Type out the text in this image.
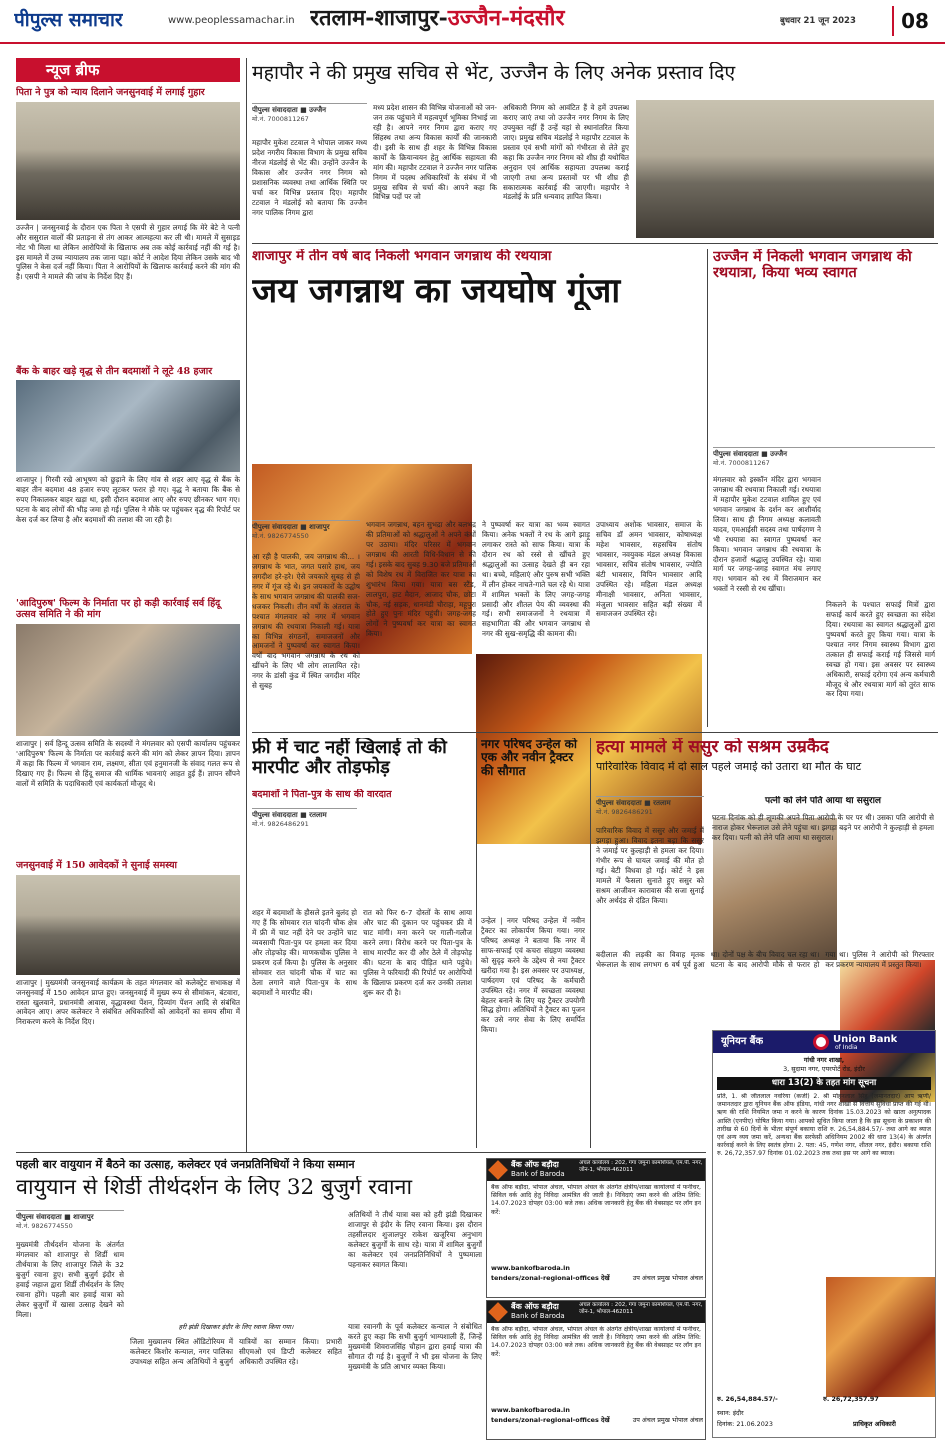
पीपुल्स समाचार	www.peoplessamachar.in रतलाम-शाजापुर-उज्जैन-मंदसौर	बुधवार 21 जून 2023	08
न्यूज ब्रीफ
पिता ने पुत्र को न्याय दिलाने जनसुनवाई में लगाई गुहार
उज्जैन | जनसुनवाई के दौरान एक पिता ने एसपी से गुहार लगाई कि मेरे बेटे ने पत्नी और ससुराल वालों की प्रताड़ना से तंग आकर आत्महत्या कर ली थी। मामले में सुसाइड नोट भी मिला था लेकिन आरोपियों के खिलाफ अब तक कोई कार्रवाई नहीं की गई है। इस मामले में उच्च न्यायालय तक जाना पड़ा। कोर्ट ने आदेश दिया लेकिन उसके बाद भी पुलिस ने केस दर्ज नहीं किया। पिता ने आरोपियों के खिलाफ कार्रवाई करने की मांग की है। एसपी ने मामले की जांच के निर्देश दिए हैं।
बैंक के बाहर खड़े वृद्ध से तीन बदमाशों ने लूटे 48 हजार
शाजापुर | गिरवी रखे आभूषण को छुड़ाने के लिए गांव से शहर आए वृद्ध से बैंक के बाहर तीन बदमाश 48 हजार रुपए लूटकर फरार हो गए। वृद्ध ने बताया कि बैंक से रुपए निकालकर बाहर खड़ा था, इसी दौरान बदमाश आए और रुपए छीनकर भाग गए। घटना के बाद लोगों की भीड़ जमा हो गई। पुलिस ने मौके पर पहुंचकर वृद्ध की रिपोर्ट पर केस दर्ज कर लिया है और बदमाशों की तलाश की जा रही है।
'आदिपुरुष' फिल्म के निर्माता पर हो कड़ी कार्रवाई सर्व हिंदू उत्सव समिति ने की मांग
शाजापुर | सर्व हिन्दू उत्सव समिति के सदस्यों ने मंगलवार को एसपी कार्यालय पहुंचकर 'आदिपुरुष' फिल्म के निर्माता पर कार्रवाई करने की मांग को लेकर ज्ञापन दिया। ज्ञापन में कहा कि फिल्म में भगवान राम, लक्ष्मण, सीता एवं हनुमानजी के संवाद गलत रूप से दिखाए गए हैं। फिल्म से हिंदू समाज की धार्मिक भावनाएं आहत हुई हैं। ज्ञापन सौंपने वालों में समिति के पदाधिकारी एवं कार्यकर्ता मौजूद थे।
जनसुनवाई में 150 आवेदकों ने सुनाई समस्या
शाजापुर | मुख्यमंत्री जनसुनवाई कार्यक्रम के तहत मंगलवार को कलेक्ट्रेट सभाकक्ष में जनसुनवाई में 150 आवेदन प्राप्त हुए। जनसुनवाई में मुख्य रूप से सीमांकन, बंटवारा, रास्ता खुलवाने, प्रधानमंत्री आवास, वृद्धावस्था पेंशन, दिव्यांग पेंशन आदि से संबंधित आवेदन आए। अपर कलेक्टर ने संबंधित अधिकारियों को आवेदनों का समय सीमा में निराकरण करने के निर्देश दिए।
महापौर ने की प्रमुख सचिव से भेंट, उज्जैन के लिए अनेक प्रस्ताव दिए
पीपुल्स संवाददाता ■ उज्जैन
मो.नं. 7000811267
महापौर मुकेश टटवाल ने भोपाल जाकर मध्य प्रदेश नगरीय विकास विभाग के प्रमुख सचिव नीरज मंडलोई से भेंट की। उन्होंने उज्जैन के विकास और उज्जैन नगर निगम को प्रशासनिक व्यवस्था तथा आर्थिक स्थिति पर चर्चा कर विभिन्न प्रस्ताव दिए। महापौर टटवाल ने मंडलोई को बताया कि उज्जैन नगर पालिक निगम द्वारा
मध्य प्रदेश शासन की विभिन्न योजनाओं को जन-जन तक पहुंचाने में महत्वपूर्ण भूमिका निभाई जा रही है। आपने नगर निगम द्वारा कराए गए सिंहस्थ तथा अन्य विकास कार्यों की जानकारी दी। इसी के साथ ही शहर के विभिन्न विकास कार्यों के क्रियान्वयन हेतु आर्थिक सहायता की मांग की। महापौर टटवाल ने उज्जैन नगर पालिक निगम में पदस्थ अधिकारियों के संबंध में भी प्रमुख सचिव से चर्चा की। आपने कहा कि विभिन्न पदों पर जो
अधिकारी निगम को आवंटित हैं वे हमें उपलब्ध कराए जाएं तथा जो उज्जैन नगर निगम के लिए उपयुक्त नहीं हैं उन्हें यहां से स्थानांतरित किया जाए। प्रमुख सचिव मंडलोई ने महापौर टटवाल के प्रस्ताव एवं सभी मांगों को गंभीरता से लेते हुए कहा कि उज्जैन नगर निगम को शीघ्र ही यथोचित अनुदान एवं आर्थिक सहायता उपलब्ध कराई जाएगी तथा अन्य प्रस्तावों पर भी शीघ्र ही सकारात्मक कार्रवाई की जाएगी। महापौर ने मंडलोई के प्रति धन्यवाद ज्ञापित किया।
शाजापुर में तीन वर्ष बाद निकली भगवान जगन्नाथ की रथयात्रा
जय जगन्नाथ का जयघोष गूंजा
पीपुल्स संवाददाता ■ शाजापुर
मो.नं. 9826774550
आ रही है पालकी, जय जगन्नाथ की... । जगन्नाथ के भात, जगत पसारे हाथ, जय जगदीश हरे-हरे। ऐसे जयकारे सुबह से ही नगर में गूंज रहे थे। इन जयकारों के उद्घोष के साथ भगवान जगन्नाथ की पालकी सज-धजकर निकली। तीन वर्षों के अंतराल के पश्चात मंगलवार को नगर में भगवान जगन्नाथ की रथयात्रा निकाली गई। यात्रा का विभिन्न संगठनों, समाजजनों और आमजनों ने पुष्पवर्षा कर स्वागत किया। वर्षों बाद भगवान जगन्नाथ के रथ को खींचने के लिए भी लोग लालायित रहे। नगर के डांसी कुंड में स्थित जगदीश मंदिर से सुबह
भगवान जगन्नाथ, बहन सुभद्रा और बलभद्र की प्रतिमाओं को श्रद्धालुओं ने अपने कंधों पर उठाया। मंदिर परिसर में भगवान जगन्नाथ की आरती विधि-विधान से की गई। इसके बाद सुबह 9.30 बजे प्रतिमाओं को विशेष रथ में विराजित कर यात्रा का शुभारंभ किया गया। यात्रा बस स्टैंड, लालपुरा, हाट मैदान, आजाद चौक, छोटा चौक, नई सड़क, धानमंडी चौराहा, महूपुरा होते हुए पुनः मंदिर पहुंची। जगह-जगह लोगों ने पुष्पवर्षा कर यात्रा का स्वागत किया।
ने पुष्पवर्षा कर यात्रा का भव्य स्वागत किया। अनेक भक्तों ने रथ के आगे झाड़ू लगाकर रास्ते को साफ किया। यात्रा के दौरान रथ को रस्से से खींचते हुए श्रद्धालुओं का उत्साह देखते ही बन रहा था। बच्चे, महिलाएं और पुरुष सभी भक्ति में लीन होकर नाचते-गाते चल रहे थे। यात्रा में शामिल भक्तों के लिए जगह-जगह प्रसादी और शीतल पेय की व्यवस्था की गई। सभी समाजजनों ने रथयात्रा में सहभागिता की और भगवान जगन्नाथ से नगर की सुख-समृद्धि की कामना की।
उपाध्याय अशोक भावसार, समाज के सचिव डॉ अमन भावसार, कोषाध्यक्ष महेश भावसार, सहसचिव संतोष भावसार, नवयुवक मंडल अध्यक्ष विकास भावसार, सचिव संतोष भावसार, ज्योति बंटी भावसार, विपिन भावसार आदि उपस्थित रहे। महिला मंडल अध्यक्ष मीनाक्षी भावसार, अनिता भावसार, मंजुला भावसार सहित बड़ी संख्या में समाजजन उपस्थित रहे।
उज्जैन में निकली भगवान जगन्नाथ की रथयात्रा, किया भव्य स्वागत
पीपुल्स संवाददाता ■ उज्जैन
मो.नं. 7000811267
मंगलवार को इस्कॉन मंदिर द्वारा भगवान जगन्नाथ की रथयात्रा निकाली गई। रथयात्रा में महापौर मुकेश टटवाल शामिल हुए एवं भगवान जगन्नाथ के दर्शन कर आशीर्वाद लिया। साथ ही निगम अध्यक्ष कलावती यादव, एमआईसी सदस्य तथा पार्षदगण ने भी रथयात्रा का स्वागत पुष्पवर्षा कर किया। भगवान जगन्नाथ की रथयात्रा के दौरान हजारों श्रद्धालु उपस्थित रहे। यात्रा मार्ग पर जगह-जगह स्वागत मंच लगाए गए। भगवान को रथ में विराजमान कर भक्तों ने रस्सी से रथ खींचा।
निकलने के पश्चात सफाई मित्रों द्वारा सफाई कार्य करते हुए स्वच्छता का संदेश दिया। रथयात्रा का स्वागत श्रद्धालुओं द्वारा पुष्पवर्षा करते हुए किया गया। यात्रा के पश्चात नगर निगम स्वास्थ्य विभाग द्वारा तत्काल ही सफाई कराई गई जिससे मार्ग स्वच्छ हो गया। इस अवसर पर स्वास्थ्य अधिकारी, सफाई दरोगा एवं अन्य कर्मचारी मौजूद थे और रथयात्रा मार्ग को तुरंत साफ कर दिया गया।
फ्री में चाट नहीं खिलाई तो की मारपीट और तोड़फोड़
बदमाशों ने पिता-पुत्र के साथ की वारदात
पीपुल्स संवाददाता ■ रतलाम
मो.नं. 9826486291
शहर में बदमाशों के हौसले इतने बुलंद हो गए हैं कि सोमवार रात चांदनी चौक क्षेत्र में फ्री में चाट नहीं देने पर उन्होंने चाट व्यवसायी पिता-पुत्र पर हमला कर दिया और तोड़फोड़ की। माणकचौक पुलिस ने प्रकरण दर्ज किया है। पुलिस के अनुसार सोमवार रात चांदनी चौक में चाट का ठेला लगाने वाले पिता-पुत्र के साथ बदमाशों ने मारपीट की।
रात को फिर 6-7 दोस्तों के साथ आया और चाट की दुकान पर पहुंचकर फ्री में चाट मांगी। मना करने पर गाली-गलौज करने लगा। विरोध करने पर पिता-पुत्र के साथ मारपीट कर दी और ठेले में तोड़फोड़ की। घटना के बाद पीड़ित थाने पहुंचे। पुलिस ने फरियादी की रिपोर्ट पर आरोपियों के खिलाफ प्रकरण दर्ज कर उनकी तलाश शुरू कर दी है।
नगर परिषद उन्हेल को एक और नवीन ट्रैक्टर की सौगात
उन्हेल | नगर परिषद उन्हेल में नवीन ट्रैक्टर का लोकार्पण किया गया। नगर परिषद अध्यक्ष ने बताया कि नगर में साफ-सफाई एवं कचरा संग्रहण व्यवस्था को सुदृढ़ करने के उद्देश्य से नया ट्रैक्टर खरीदा गया है। इस अवसर पर उपाध्यक्ष, पार्षदगण एवं परिषद के कर्मचारी उपस्थित रहे। नगर में स्वच्छता व्यवस्था बेहतर बनाने के लिए यह ट्रैक्टर उपयोगी सिद्ध होगा। अतिथियों ने ट्रैक्टर का पूजन कर उसे नगर सेवा के लिए समर्पित किया।
हत्या मामले में ससुर को सश्रम उम्रकैद
पारिवारिक विवाद में दो साल पहले जमाई को उतारा था मौत के घाट
पीपुल्स संवाददाता ■ रतलाम
मो.नं. 9826486291
पारिवारिक विवाद में ससुर और जमाई में झगड़ा हुआ। विवाद इतना बढ़ा कि ससुर ने जमाई पर कुल्हाड़ी से हमला कर दिया। गंभीर रूप से घायल जमाई की मौत हो गई। बेटी विधवा हो गई। कोर्ट ने इस मामले में फैसला सुनाते हुए ससुर को सश्रम आजीवन कारावास की सजा सुनाई और अर्थदंड से दंडित किया।
पत्नी को लेने पति आया था ससुराल
घटना दिनांक को ही लूणकी अपने पिता आरोपी के घर पर थी। उसका पति आरोपी से नाराज होकर भेरूलाल उसे लेने पहुंचा था। झगड़ा बढ़ने पर आरोपी ने कुल्हाड़ी से हमला कर दिया। पत्नी को लेने पति आया था ससुराल।
बदीलाल की लड़की का विवाह मृतक भेरूलाल के साथ लगभग 6 वर्ष पूर्व हुआ था। दोनों पक्ष के बीच विवाद चल रहा था। घटना के बाद आरोपी मौके से फरार हो गया था। पुलिस ने आरोपी को गिरफ्तार कर प्रकरण न्यायालय में प्रस्तुत किया।
यूनियन बैंक	Union Bank
of India
गांधी नगर शाखा,
3, सुदामा नगर, एयरपोर्ट रोड, इंदौर
धारा 13(2) के तहत मांग सूचना
प्रति, 1. श्री जीतलाल नवरिया (कर्जी) 2. श्री मोहनलाल सिंह (जमानतदार) आप ऋणी/जमानतदार द्वारा यूनियन बैंक ऑफ इंडिया, गांधी नगर शाखा से वित्तीय सुविधा प्राप्त की गई थी। ऋण की राशि नियमित जमा न करने के कारण दिनांक 15.03.2023 को खाता अनुत्पादक आस्ति (एनपीए) घोषित किया गया। आपको सूचित किया जाता है कि इस सूचना के प्रकाशन की तारीख से 60 दिनों के भीतर संपूर्ण बकाया राशि रु. 26,54,884.57/- तथा आगे का ब्याज एवं अन्य व्यय जमा करें, अन्यथा बैंक सरफेसी अधिनियम 2002 की धारा 13(4) के अंतर्गत कार्रवाई करने के लिए स्वतंत्र होगा। 2. पता: 45, गणेश नगर, शीतल नगर, इंदौर। बकाया राशि रु. 26,72,357.97 दिनांक 01.02.2023 तक तथा इस पर आगे का ब्याज।
रु. 26,54,884.57/-	रु. 26,72,357.97
स्थान: इंदौर
दिनांक: 21.06.2023	प्राधिकृत अधिकारी
पहली बार वायुयान में बैठने का उत्साह, कलेक्टर एवं जनप्रतिनिधियों ने किया सम्मान
वायुयान से शिर्डी तीर्थदर्शन के लिए 32 बुजुर्ग रवाना
पीपुल्स संवाददाता ■ शाजापुर
मो.नं. 9826774550
मुख्यमंत्री तीर्थदर्शन योजना के अंतर्गत मंगलवार को शाजापुर से शिर्डी धाम तीर्थयात्रा के लिए शाजापुर जिले के 32 बुजुर्ग रवाना हुए। सभी बुजुर्ग इंदौर से हवाई जहाज द्वारा शिर्डी तीर्थदर्शन के लिए रवाना होंगे। पहली बार हवाई यात्रा को लेकर बुजुर्गों में खासा उत्साह देखने को मिला।
हरी झंडी दिखाकर इंदौर के लिए रवाना किया गया।
अतिथियों ने तीर्थ यात्रा बस को हरी झंडी दिखाकर शाजापुर से इंदौर के लिए रवाना किया। इस दौरान तहसीलदार शुजालपुर राकेश खजूरिया अनुभाग कलेक्टर बुजुर्गों के साथ रहे। यात्रा में शामिल बुजुर्गों का कलेक्टर एवं जनप्रतिनिधियों ने पुष्पमाला पहनाकर स्वागत किया।
यात्रा रवानगी के पूर्व कलेक्टर कन्याल ने संबोधित करते हुए कहा कि सभी बुजुर्ग भाग्यशाली हैं, जिन्हें मुख्यमंत्री शिवराजसिंह चौहान द्वारा हवाई यात्रा की सौगात दी गई है। बुजुर्गों ने भी इस योजना के लिए मुख्यमंत्री के प्रति आभार व्यक्त किया।
जिला मुख्यालय स्थित ऑडिटोरियम में कलेक्टर किशोर कन्याल, नगर पालिका उपाध्यक्ष सहित अन्य अतिथियों ने बुजुर्ग यात्रियों का सम्मान किया। प्रभारी सीएमओ एवं डिप्टी कलेक्टर सहित अधिकारी उपस्थित रहे।
बैंक ऑफ बड़ौदा
Bank of Baroda
अंचल कार्यालय : 202, गंगा जमुना कामर्शियल, एम.पी. नगर, जोन-1, भोपाल-462011
बैंक ऑफ बड़ौदा, भोपाल अंचल, भोपाल अंचल के अंतर्गत क्षेत्रीय/शाखा कार्यालयों में फर्नीचर, सिविल वर्क आदि हेतु निविदा आमंत्रित की जाती है। निविदाएं जमा करने की अंतिम तिथि: 14.07.2023 दोपहर 03:00 बजे तक। अधिक जानकारी हेतु बैंक की वेबसाइट पर लॉग इन करें:
www.bankofbaroda.in
tenders/zonal-regional-offices देखें	उप अंचल प्रमुख भोपाल अंचल
बैंक ऑफ बड़ौदा
Bank of Baroda
अंचल कार्यालय : 202, गंगा जमुना कामर्शियल, एम.पी. नगर, जोन-1, भोपाल-462011
बैंक ऑफ बड़ौदा, भोपाल अंचल, भोपाल अंचल के अंतर्गत क्षेत्रीय/शाखा कार्यालयों में फर्नीचर, सिविल वर्क आदि हेतु निविदा आमंत्रित की जाती है। निविदाएं जमा करने की अंतिम तिथि: 14.07.2023 दोपहर 03:00 बजे तक। अधिक जानकारी हेतु बैंक की वेबसाइट पर लॉग इन करें:
www.bankofbaroda.in
tenders/zonal-regional-offices देखें	उप अंचल प्रमुख भोपाल अंचल
